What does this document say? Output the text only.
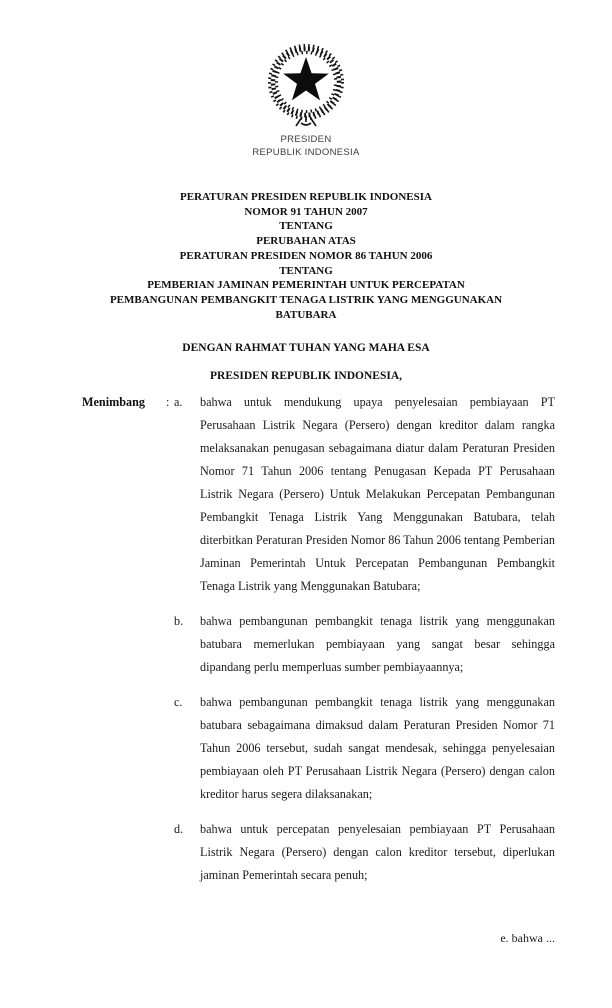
PRESIDEN
REPUBLIK INDONESIA
PERATURAN PRESIDEN REPUBLIK INDONESIA
NOMOR 91 TAHUN 2007
TENTANG
PERUBAHAN ATAS
PERATURAN PRESIDEN NOMOR 86 TAHUN 2006
TENTANG
PEMBERIAN JAMINAN PEMERINTAH UNTUK PERCEPATAN
PEMBANGUNAN PEMBANGKIT TENAGA LISTRIK YANG MENGGUNAKAN
BATUBARA
DENGAN RAHMAT TUHAN YANG MAHA ESA
PRESIDEN REPUBLIK INDONESIA,
Menimbang	: a.	bahwa untuk mendukung upaya penyelesaian pembiayaan PT Perusahaan Listrik Negara (Persero) dengan kreditor dalam rangka melaksanakan penugasan sebagaimana diatur dalam Peraturan Presiden Nomor 71 Tahun 2006 tentang Penugasan Kepada PT Perusahaan Listrik Negara (Persero) Untuk Melakukan Percepatan Pembangunan Pembangkit Tenaga Listrik Yang Menggunakan Batubara, telah diterbitkan Peraturan Presiden Nomor 86 Tahun 2006 tentang Pemberian Jaminan Pemerintah Untuk Percepatan Pembangunan Pembangkit Tenaga Listrik yang Menggunakan Batubara;
b.	bahwa pembangunan pembangkit tenaga listrik yang menggunakan batubara memerlukan pembiayaan yang sangat besar sehingga dipandang perlu memperluas sumber pembiayaannya;
c.	bahwa pembangunan pembangkit tenaga listrik yang menggunakan batubara sebagaimana dimaksud dalam Peraturan Presiden Nomor 71 Tahun 2006 tersebut, sudah sangat mendesak, sehingga penyelesaian pembiayaan oleh PT Perusahaan Listrik Negara (Persero) dengan calon kreditor harus segera dilaksanakan;
d.	bahwa untuk percepatan penyelesaian pembiayaan PT Perusahaan Listrik Negara (Persero) dengan calon kreditor tersebut, diperlukan jaminan Pemerintah secara penuh;
e. bahwa ...
